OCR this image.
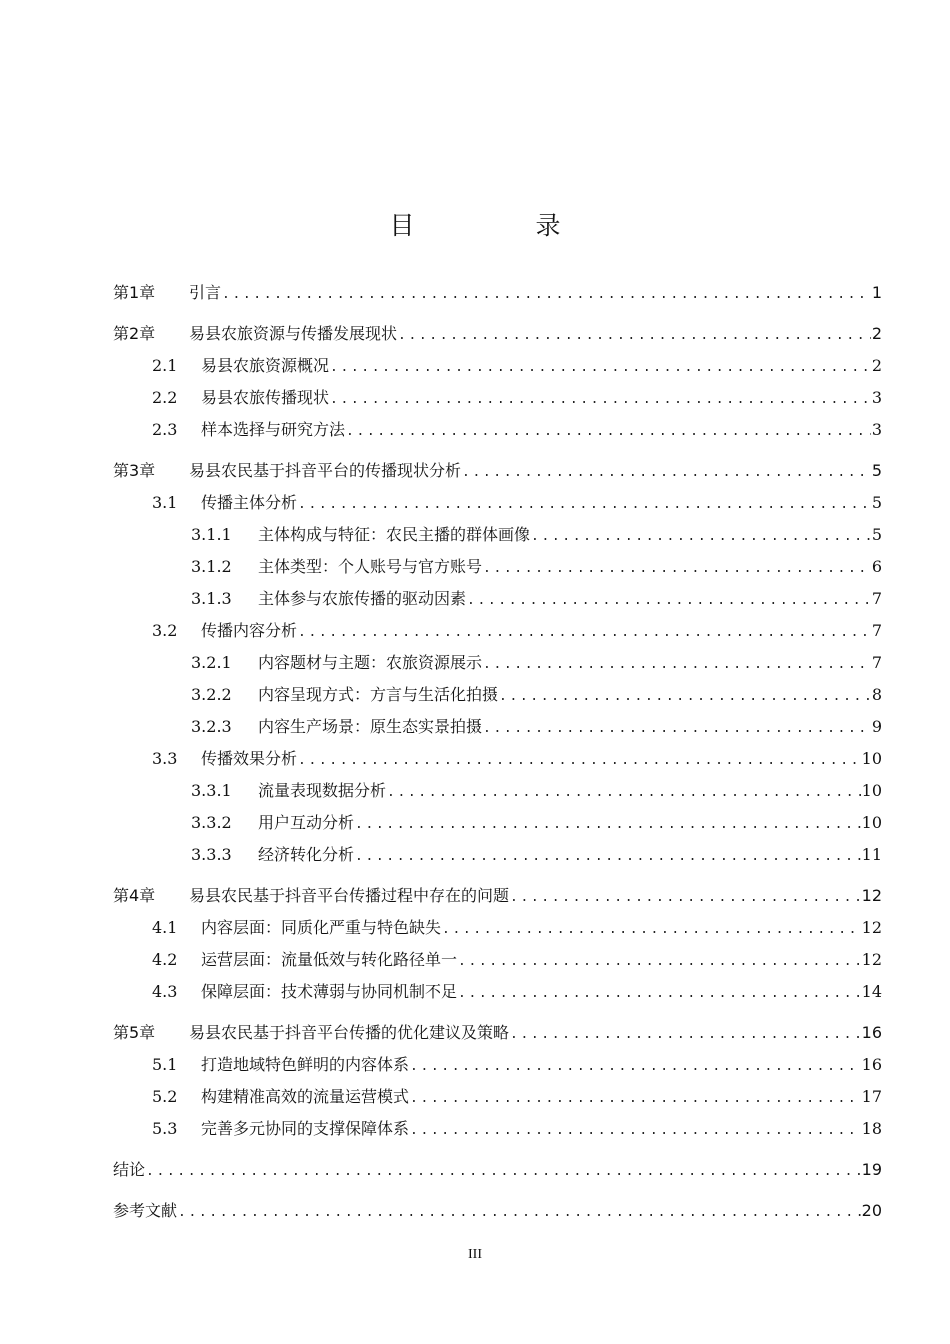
目　录
第1章	引言 .....	1
第2章	易县农旅资源与传播发展现状 .....	2
2.1	易县农旅资源概况 .....	2
2.2	易县农旅传播现状 .....	3
2.3	样本选择与研究方法 .....	3
第3章	易县农民基于抖音平台的传播现状分析 .....	5
3.1	传播主体分析 .....	5
3.1.1	主体构成与特征：农民主播的群体画像 .....	5
3.1.2	主体类型：个人账号与官方账号 .....	6
3.1.3	主体参与农旅传播的驱动因素 .....	7
3.2	传播内容分析 .....	7
3.2.1	内容题材与主题：农旅资源展示 .....	7
3.2.2	内容呈现方式：方言与生活化拍摄 .....	8
3.2.3	内容生产场景：原生态实景拍摄 .....	9
3.3	传播效果分析 .....	10
3.3.1	流量表现数据分析 .....	10
3.3.2	用户互动分析 .....	10
3.3.3	经济转化分析 .....	11
第4章	易县农民基于抖音平台传播过程中存在的问题 .....	12
4.1	内容层面：同质化严重与特色缺失 .....	12
4.2	运营层面：流量低效与转化路径单一 .....	12
4.3	保障层面：技术薄弱与协同机制不足 .....	14
第5章	易县农民基于抖音平台传播的优化建议及策略 .....	16
5.1	打造地域特色鲜明的内容体系 .....	16
5.2	构建精准高效的流量运营模式 .....	17
5.3	完善多元协同的支撑保障体系 .....	18
结论 .....	19
参考文献 .....	20
III
